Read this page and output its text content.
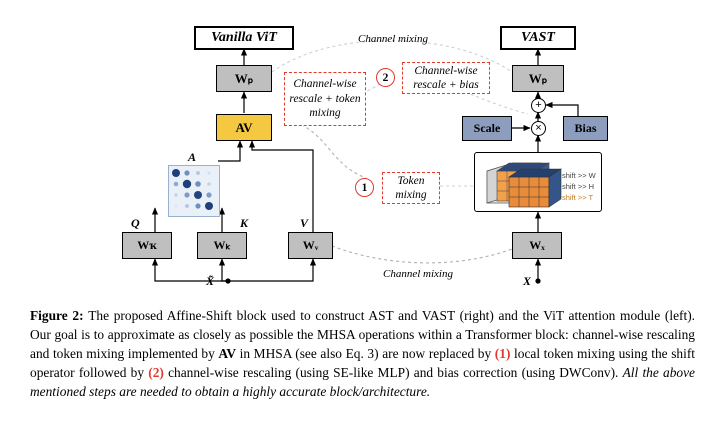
Vanilla ViT	VAST
Wₚ
AV
A
Q	K	V
Wҡ	Wₖ	Wᵥ
X̃
Channel-wise rescale + token mixing
2
Channel-wise rescale + bias
1
Token mixing
Channel mixing
Channel mixing
Wₚ
+
×
Scale	Bias
shift >> W
shift >> H
shift >> T
Wₓ
X
Figure 2: The proposed Affine-Shift block used to construct AST and VAST (right) and the ViT attention module (left). Our goal is to approximate as closely as possible the MHSA operations within a Transformer block: channel-wise rescaling and token mixing implemented by AV in MHSA (see also Eq. 3) are now replaced by (1) local token mixing using the shift operator followed by (2) channel-wise rescaling (using SE-like MLP) and bias correction (using DWConv). All the above mentioned steps are needed to obtain a highly accurate block/architecture.
